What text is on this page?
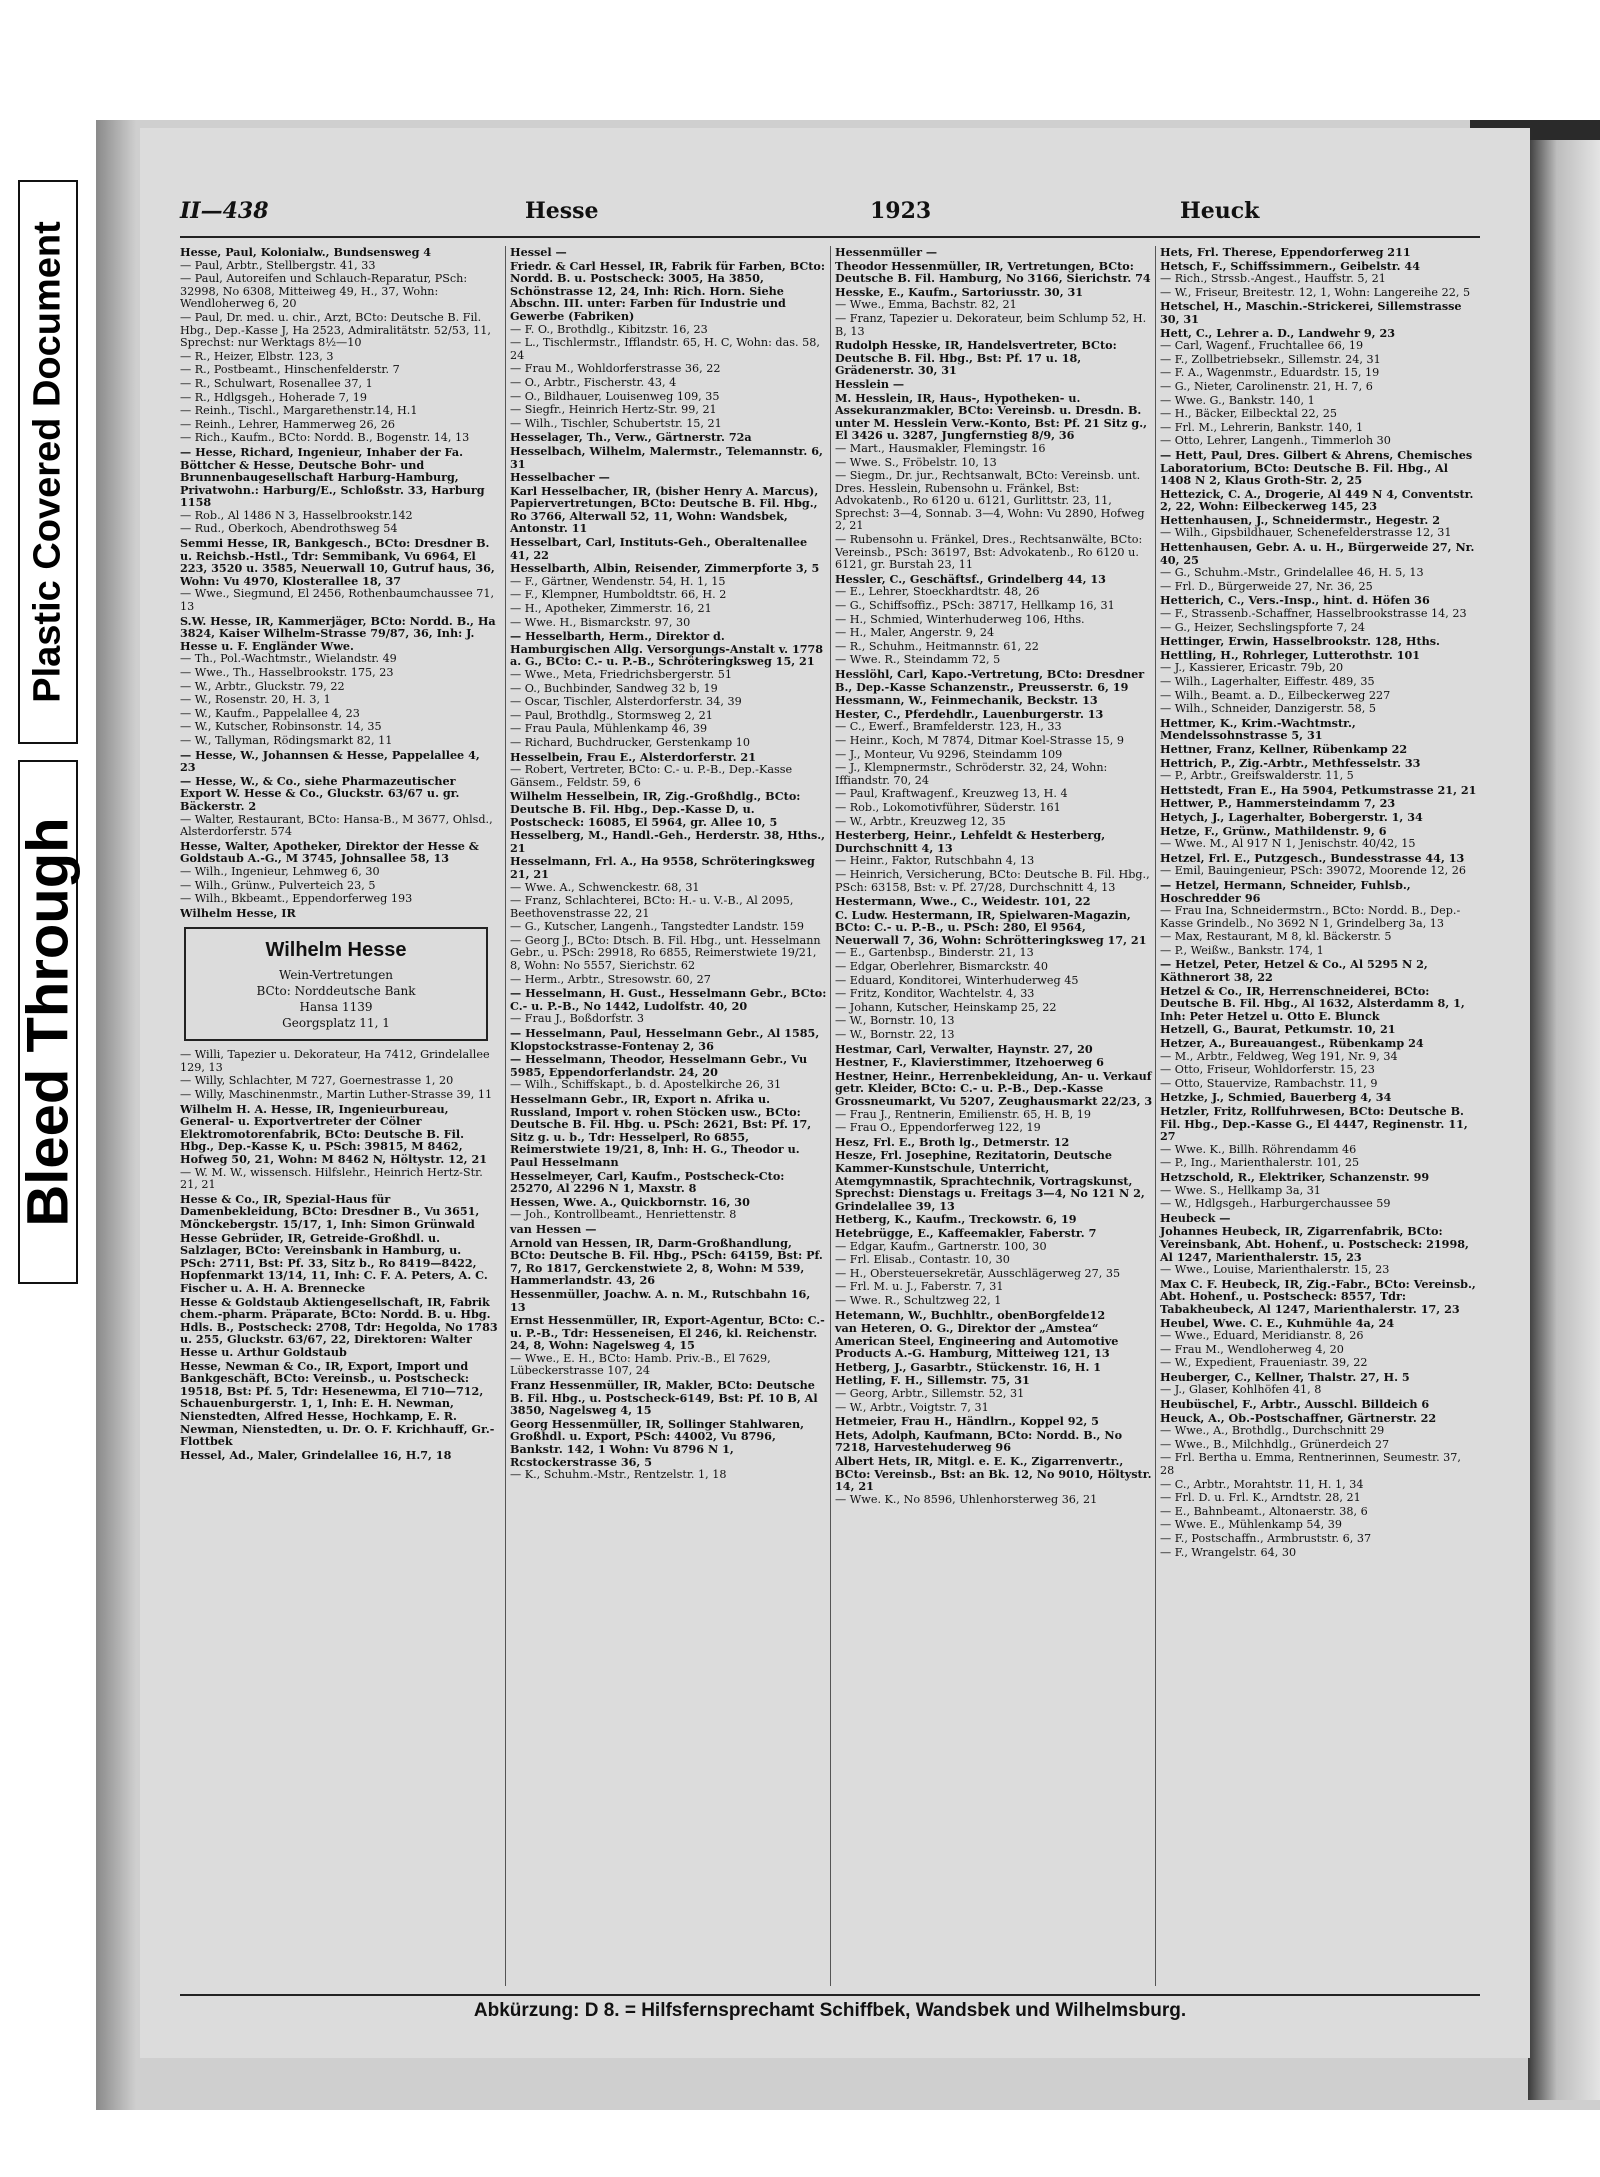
Plastic Covered Document
Bleed Through
II—438	Hesse	1923	Heuck

Hesse, Paul, Kolonialw., Bundsensweg 4

— Paul, Arbtr., Stellbergstr. 41, 33

— Paul, Autoreifen und Schlauch-Reparatur, PSch: 32998, No 6308, Mitteiweg 49, H., 37, Wohn: Wendloherweg 6, 20

— Paul, Dr. med. u. chir., Arzt, BCto: Deutsche B. Fil. Hbg., Dep.-Kasse J, Ha 2523, Admiralitätstr. 52/53, 11, Sprechst: nur Werktags 8½—10

— R., Heizer, Elbstr. 123, 3

— R., Postbeamt., Hinschenfelderstr. 7

— R., Schulwart, Rosenallee 37, 1

— R., Hdlgsgeh., Hoheradе 7, 19

— Reinh., Tischl., Margarethenstr.14, H.1

— Reinh., Lehrer, Hammerweg 26, 26

— Rich., Kaufm., BCto: Nordd. B., Bogenstr. 14, 13

— Hesse, Richard, Ingenieur, Inhaber der Fa. Böttcher & Hesse, Deutsche Bohr- und Brunnenbaugesellschaft Harburg-Hamburg, Privatwohn.: Harburg/E., Schloßstr. 33, Harburg 1158

— Rob., Al 1486 N 3, Hasselbrookstr.142

— Rud., Oberkoch, Abendrothsweg 54

Semmi Hesse, IR, Bankgesch., BCto: Dresdner B. u. Reichsb.-Hstl., Tdr: Semmibank, Vu 6964, El 223, 3520 u. 3585, Neuerwall 10, Gutruf haus, 36, Wohn: Vu 4970, Klosterallee 18, 37

— Wwe., Siegmund, El 2456, Rothenbaumchaussee 71, 13

S.W. Hesse, IR, Kammerjäger, BCto: Nordd. B., Ha 3824, Kaiser Wilhelm-Strasse 79/87, 36, Inh: J. Hesse u. F. Engländer Wwe.

— Th., Pol.-Wachtmstr., Wielandstr. 49

— Wwe., Th., Hasselbrookstr. 175, 23

— W., Arbtr., Gluckstr. 79, 22

— W., Rosenstr. 20, H. 3, 1

— W., Kaufm., Pappelallee 4, 23

— W., Kutscher, Robinsonstr. 14, 35

— W., Tallyman, Rödingsmarkt 82, 11

— Hesse, W., Johannsen & Hesse, Pappelallee 4, 23

— Hesse, W., & Co., siehe Pharmazeutischer Export W. Hesse & Co., Gluckstr. 63/67 u. gr. Bäckerstr. 2

— Walter, Restaurant, BCto: Hansa-B., M 3677, Ohlsd., Alsterdorferstr. 574

Hesse, Walter, Apotheker, Direktor der Hesse & Goldstaub A.-G., M 3745, Johnsallee 58, 13

— Wilh., Ingenieur, Lehmweg 6, 30

— Wilh., Grünw., Pulverteich 23, 5

— Wilh., Bkbeamt., Eppendorferweg 193

Wilhelm Hesse, IR

Wilhelm Hesse
Wein-Vertretungen
BCto: Norddeutsche Bank
Hansa 1139
Georgsplatz 11, 1

— Willi, Tapezier u. Dekorateur, Ha 7412, Grindelallee 129, 13

— Willy, Schlachter, M 727, Goernestrasse 1, 20

— Willy, Maschinenmstr., Martin Luther-Strasse 39, 11

Wilhelm H. A. Hesse, IR, Ingenieurbureau, General- u. Exportvertreter der Cölner Elektromotorenfabrik, BCto: Deutsche B. Fil. Hbg., Dep.-Kasse K, u. PSch: 39815, M 8462, Hofweg 50, 21, Wohn: M 8462 N, Höltystr. 12, 21

— W. M. W., wissensch. Hilfslehr., Heinrich Hertz-Str. 21, 21

Hesse & Co., IR, Spezial-Haus für Damenbekleidung, BCto: Dresdner B., Vu 3651, Mönckebergstr. 15/17, 1, Inh: Simon Grünwald

Hesse Gebrüder, IR, Getreide-Großhdl. u. Salzlager, BCto: Vereinsbank in Hamburg, u. PSch: 2711, Bst: Pf. 33, Sitz b., Ro 8419—8422, Hopfenmarkt 13/14, 11, Inh: C. F. A. Peters, A. C. Fischer u. A. H. A. Brennecke

Hesse & Goldstaub Aktiengesellschaft, IR, Fabrik chem.-pharm. Präparate, BCto: Nordd. B. u. Hbg. Hdls. B., Postscheck: 2708, Tdr: Hegolda, No 1783 u. 255, Gluckstr. 63/67, 22, Direktoren: Walter Hesse u. Arthur Goldstaub

Hesse, Newman & Co., IR, Export, Import und Bankgeschäft, BCto: Vereinsb., u. Postscheck: 19518, Bst: Pf. 5, Tdr: Hesenewma, El 710—712, Schauenburgerstr. 1, 1, Inh: E. H. Newman, Nienstedten, Alfred Hesse, Hochkamp, E. R. Newman, Nienstedten, u. Dr. O. F. Krichhauff, Gr.-Flottbek

Hessel, Ad., Maler, Grindelallee 16, H.7, 18

Hessel —

Friedr. & Carl Hessel, IR, Fabrik für Farben, BCto: Nordd. B. u. Postscheck: 3005, Ha 3850, Schönstrasse 12, 24, Inh: Rich. Horn. Siehe Abschn. III. unter: Farben für Industrie und Gewerbe (Fabriken)

— F. O., Brothdlg., Kibitzstr. 16, 23

— L., Tischlermstr., Ifflandstr. 65, H. C, Wohn: das. 58, 24

— Frau M., Wohldorferstrasse 36, 22

— O., Arbtr., Fischerstr. 43, 4

— O., Bildhauer, Louisenweg 109, 35

— Siegfr., Heinrich Hertz-Str. 99, 21

— Wilh., Tischler, Schubertstr. 15, 21

Hesselager, Th., Verw., Gärtnerstr. 72a

Hesselbach, Wilhelm, Malermstr., Telemannstr. 6, 31

Hesselbacher —

Karl Hesselbacher, IR, (bisher Henry A. Marcus), Papiervertretungen, BCto: Deutsche B. Fil. Hbg., Ro 3766, Alterwall 52, 11, Wohn: Wandsbek, Antonstr. 11

Hesselbart, Carl, Instituts-Geh., Oberaltenallee 41, 22

Hesselbarth, Albin, Reisender, Zimmerpforte 3, 5

— F., Gärtner, Wendenstr. 54, H. 1, 15

— F., Klempner, Humboldtstr. 66, H. 2

— H., Apotheker, Zimmerstr. 16, 21

— Wwe. H., Bismarckstr. 97, 30

— Hesselbarth, Herm., Direktor d. Hamburgischen Allg. Versorgungs-Anstalt v. 1778 a. G., BCto: C.- u. P.-B., Schröteringksweg 15, 21

— Wwe., Meta, Friedrichsbergerstr. 51

— O., Buchbinder, Sandweg 32 b, 19

— Oscar, Tischler, Alsterdorferstr. 34, 39

— Paul, Brothdlg., Stormsweg 2, 21

— Frau Paula, Mühlenkamp 46, 39

— Richard, Buchdrucker, Gerstenkamp 10

Hesselbein, Frau E., Alsterdorferstr. 21

— Robert, Vertreter, BCto: C.- u. P.-B., Dep.-Kasse Gänsem., Feldstr. 59, 6

Wilhelm Hesselbein, IR, Zig.-Großhdlg., BCto: Deutsche B. Fil. Hbg., Dep.-Kasse D, u. Postscheck: 16085, El 5964, gr. Allee 10, 5

Hesselberg, M., Handl.-Geh., Herderstr. 38, Hths., 21

Hesselmann, Frl. A., Ha 9558, Schröteringksweg 21, 21

— Wwe. A., Schwenckestr. 68, 31

— Franz, Schlachterei, BCto: H.- u. V.-B., Al 2095, Beethovenstrasse 22, 21

— G., Kutscher, Langenh., Tangstedter Landstr. 159

— Georg J., BCto: Dtsch. B. Fil. Hbg., unt. Hesselmann Gebr., u. PSch: 29918, Ro 6855, Reimerstwiete 19/21, 8, Wohn: No 5557, Sierichstr. 62

— Herm., Arbtr., Stresowstr. 60, 27

— Hesselmann, H. Gust., Hesselmann Gebr., BCto: C.- u. P.-B., No 1442, Ludolfstr. 40, 20

— Frau J., Boßdorfstr. 3

— Hesselmann, Paul, Hesselmann Gebr., Al 1585, Klopstockstrasse-Fontenay 2, 36

— Hesselmann, Theodor, Hesselmann Gebr., Vu 5985, Eppendorferlandstr. 24, 20

— Wilh., Schiffskapt., b. d. Apostelkirche 26, 31

Hesselmann Gebr., IR, Export n. Afrika u. Russland, Import v. rohen Stöcken usw., BCto: Deutsche B. Fil. Hbg. u. PSch: 2621, Bst: Pf. 17, Sitz g. u. b., Tdr: Hesselperl, Ro 6855, Reimerstwiete 19/21, 8, Inh: H. G., Theodor u. Paul Hesselmann

Hesselmeyer, Carl, Kaufm., Postscheck-Cto: 25270, Al 2296 N 1, Maxstr. 8

Hessen, Wwe. A., Quickbornstr. 16, 30

— Joh., Kontrollbeamt., Henriettenstr. 8

van Hessen —

Arnold van Hessen, IR, Darm-Großhandlung, BCto: Deutsche B. Fil. Hbg., PSch: 64159, Bst: Pf. 7, Ro 1817, Gerckenstwiete 2, 8, Wohn: M 539, Hammerlandstr. 43, 26

Hessenmüller, Joachw. A. n. M., Rutschbahn 16, 13

Ernst Hessenmüller, IR, Export-Agentur, BCto: C.- u. P.-B., Tdr: Hesseneisen, El 246, kl. Reichenstr. 24, 8, Wohn: Nagelsweg 4, 15

— Wwe., E. H., BCto: Hamb. Priv.-B., El 7629, Lübeckerstrasse 107, 24

Franz Hessenmüller, IR, Makler, BCto: Deutsche B. Fil. Hbg., u. Postscheck-6149, Bst: Pf. 10 B, Al 3850, Nagelsweg 4, 15

Georg Hessenmüller, IR, Sollinger Stahlwaren, Großhdl. u. Export, PSch: 44002, Vu 8796, Bankstr. 142, 1 Wohn: Vu 8796 N 1, Rcstockerstrasse 36, 5

— K., Schuhm.-Mstr., Rentzelstr. 1, 18

Hessenmüller —

Theodor Hessenmüller, IR, Vertretungen, BCto: Deutsche B. Fil. Hamburg, No 3166, Sierichstr. 74

Hesske, E., Kaufm., Sartoriusstr. 30, 31

— Wwe., Emma, Bachstr. 82, 21

— Franz, Tapezier u. Dekorateur, beim Schlump 52, H. B, 13

Rudolph Hesske, IR, Handelsvertreter, BCto: Deutsche B. Fil. Hbg., Bst: Pf. 17 u. 18, Grädenerstr. 30, 31

Hesslein —

M. Hesslein, IR, Haus-, Hypotheken- u. Assekuranzmakler, BCto: Vereinsb. u. Dresdn. B. unter M. Hesslein Verw.-Konto, Bst: Pf. 21 Sitz g., El 3426 u. 3287, Jungfernstieg 8/9, 36

— Mart., Hausmakler, Flemingstr. 16

— Wwe. S., Fröbelstr. 10, 13

— Siegm., Dr. jur., Rechtsanwalt, BCto: Vereinsb. unt. Dres. Hesslein, Rubensohn u. Fränkel, Bst: Advokatenb., Ro 6120 u. 6121, Gurlittstr. 23, 11, Sprechst: 3—4, Sonnab. 3—4, Wohn: Vu 2890, Hofweg 2, 21

— Rubensohn u. Fränkel, Dres., Rechtsanwälte, BCto: Vereinsb., PSch: 36197, Bst: Advokatenb., Ro 6120 u. 6121, gr. Burstah 23, 11

Hessler, C., Geschäftsf., Grindelberg 44, 13

— E., Lehrer, Stoeckhardtstr. 48, 26

— G., Schiffsoffiz., PSch: 38717, Hellkamp 16, 31

— H., Schmied, Winterhuderweg 106, Hths.

— H., Maler, Angerstr. 9, 24

— R., Schuhm., Heitmannstr. 61, 22

— Wwe. R., Steindamm 72, 5

Hesslöhl, Carl, Kapo.-Vertretung, BCto: Dresdner B., Dep.-Kasse Schanzenstr., Preusserstr. 6, 19

Hessmann, W., Feinmechanik, Beckstr. 13

Hester, C., Pferdehdlr., Lauenburgerstr. 13

— C., Ewerf., Bramfelderstr. 123, H., 33

— Heinr., Koch, M 7874, Ditmar Koel-Strasse 15, 9

— J., Monteur, Vu 9296, Steindamm 109

— J., Klempnermstr., Schröderstr. 32, 24, Wohn: Iffiandstr. 70, 24

— Paul, Kraftwagenf., Kreuzweg 13, H. 4

— Rob., Lokomotivführer, Süderstr. 161

— W., Arbtr., Kreuzweg 12, 35

Hesterberg, Heinr., Lehfeldt & Hesterberg, Durchschnitt 4, 13

— Heinr., Faktor, Rutschbahn 4, 13

— Heinrich, Versicherung, BCto: Deutsche B. Fil. Hbg., PSch: 63158, Bst: v. Pf. 27/28, Durchschnitt 4, 13

Hestermann, Wwe., C., Weidestr. 101, 22

C. Ludw. Hestermann, IR, Spielwaren-Magazin, BCto: C.- u. P.-B., u. PSch: 280, El 9564, Neuerwall 7, 36, Wohn: Schrötteringksweg 17, 21

— E., Gartenbsp., Binderstr. 21, 13

— Edgar, Oberlehrer, Bismarckstr. 40

— Eduard, Konditorei, Winterhuderweg 45

— Fritz, Konditor, Wachtelstr. 4, 33

— Johann, Kutscher, Heinskamp 25, 22

— W., Bornstr. 10, 13

— W., Bornstr. 22, 13

Hestmar, Carl, Verwalter, Haynstr. 27, 20

Hestner, F., Klavierstimmer, Itzehoerweg 6

Hestner, Heinr., Herrenbekleidung, An- u. Verkauf getr. Kleider, BCto: C.- u. P.-B., Dep.-Kasse Grossneumarkt, Vu 5207, Zeughausmarkt 22/23, 3

— Frau J., Rentnerin, Emilienstr. 65, H. B, 19

— Frau O., Eppendorferweg 122, 19

Hesz, Frl. E., Broth lg., Detmerstr. 12

Hesze, Frl. Josephine, Rezitatorin, Deutsche Kammer-Kunstschule, Unterricht, Atemgymnastik, Sprachtechnik, Vortragskunst, Sprechst: Dienstags u. Freitags 3—4, No 121 N 2, Grindelallee 39, 13

Hetberg, K., Kaufm., Treckowstr. 6, 19

Hetebrügge, E., Kaffeemakler, Faberstr. 7

— Edgar, Kaufm., Gartnerstr. 100, 30

— Frl. Elisab., Contastr. 10, 30

— H., Obersteuersekretär, Ausschlägerweg 27, 35

— Frl. M. u. J., Faberstr. 7, 31

— Wwe. R., Schultzweg 22, 1

Hetemann, W., Buchhltr., obenBorgfelde12

van Heteren, O. G., Direktor der „Amstea“ American Steel, Engineering and Automotive Products A.-G. Hamburg, Mitteiweg 121, 13

Hetberg, J., Gasarbtr., Stückenstr. 16, H. 1

Hetling, F. H., Sillemstr. 75, 31

— Georg, Arbtr., Sillemstr. 52, 31

— W., Arbtr., Voigtstr. 7, 31

Hetmeier, Frau H., Händlrn., Koppel 92, 5

Hets, Adolph, Kaufmann, BCto: Nordd. B., No 7218, Harvestehuderweg 96

Albert Hets, IR, Mitgl. e. E. K., Zigarrenvertr., BCto: Vereinsb., Bst: an Bk. 12, No 9010, Höltystr. 14, 21

— Wwe. K., No 8596, Uhlenhorsterweg 36, 21

Hets, Frl. Therese, Eppendorferweg 211

Hetsch, F., Schiffssimmern., Geibelstr. 44

— Rich., Strssb.-Angest., Hauffstr. 5, 21

— W., Friseur, Breitestr. 12, 1, Wohn: Langereihe 22, 5

Hetschel, H., Maschin.-Strickerei, Sillemstrasse 30, 31

Hett, C., Lehrer a. D., Landwehr 9, 23

— Carl, Wagenf., Fruchtallee 66, 19

— F., Zollbetriebsekr., Sillemstr. 24, 31

— F. A., Wagenmstr., Eduardstr. 15, 19

— G., Nieter, Carolinenstr. 21, H. 7, 6

— Wwe. G., Bankstr. 140, 1

— H., Bäcker, Eilbecktal 22, 25

— Frl. M., Lehrerin, Bankstr. 140, 1

— Otto, Lehrer, Langenh., Timmerloh 30

— Hett, Paul, Dres. Gilbert & Ahrens, Chemisches Laboratorium, BCto: Deutsche B. Fil. Hbg., Al 1408 N 2, Klaus Groth-Str. 2, 25

Hettezick, C. A., Drogerie, Al 449 N 4, Conventstr. 2, 22, Wohn: Eilbeckerweg 145, 23

Hettenhausen, J., Schneidermstr., Hegestr. 2

— Wilh., Gipsbildhauer, Schenefelderstrasse 12, 31

Hettenhausen, Gebr. A. u. H., Bürgerweide 27, Nr. 40, 25

— G., Schuhm.-Mstr., Grindelallee 46, H. 5, 13

— Frl. D., Bürgerweide 27, Nr. 36, 25

Hetterich, C., Vers.-Insp., hint. d. Höfen 36

— F., Strassenb.-Schaffner, Hasselbrookstrasse 14, 23

— G., Heizer, Sechslingspforte 7, 24

Hettinger, Erwin, Hasselbrookstr. 128, Hths.

Hettling, H., Rohrleger, Lutterothstr. 101

— J., Kassierer, Ericastr. 79b, 20

— Wilh., Lagerhalter, Eiffestr. 489, 35

— Wilh., Beamt. a. D., Eilbeckerweg 227

— Wilh., Schneider, Danzigerstr. 58, 5

Hettmer, K., Krim.-Wachtmstr., Mendelssohnstrasse 5, 31

Hettner, Franz, Kellner, Rübenkamp 22

Hettrich, P., Zig.-Arbtr., Methfesselstr. 33

— P., Arbtr., Greifswalderstr. 11, 5

Hettstedt, Fran E., Ha 5904, Petkumstrasse 21, 21

Hettwer, P., Hammersteindamm 7, 23

Hetych, J., Lagerhalter, Bobergerstr. 1, 34

Hetze, F., Grünw., Mathildenstr. 9, 6

— Wwe. M., Al 917 N 1, Jenischstr. 40/42, 15

Hetzel, Frl. E., Putzgesch., Bundesstrasse 44, 13

— Emil, Bauingenieur, PSch: 39072, Moorende 12, 26

— Hetzel, Hermann, Schneider, Fuhlsb., Hoschredder 96

— Frau Ina, Schneidermstrn., BCto: Nordd. B., Dep.-Kasse Grindelb., No 3692 N 1, Grindelberg 3a, 13

— Max, Restaurant, M 8, kl. Bäckerstr. 5

— P., Weißw., Bankstr. 174, 1

— Hetzel, Peter, Hetzel & Co., Al 5295 N 2, Käthnerort 38, 22

Hetzel & Co., IR, Herrenschneiderei, BCto: Deutsche B. Fil. Hbg., Al 1632, Alsterdamm 8, 1, Inh: Peter Hetzel u. Otto E. Blunck

Hetzell, G., Baurat, Petkumstr. 10, 21

Hetzer, A., Bureauangest., Rübenkamp 24

— M., Arbtr., Feldweg, Weg 191, Nr. 9, 34

— Otto, Friseur, Wohldorferstr. 15, 23

— Otto, Stauervize, Rambachstr. 11, 9

Hetzke, J., Schmied, Bauerberg 4, 34

Hetzler, Fritz, Rollfuhrwesen, BCto: Deutsche B. Fil. Hbg., Dep.-Kasse G., El 4447, Reginenstr. 11, 27

— Wwe. K., Billh. Röhrendamm 46

— P., Ing., Marienthalerstr. 101, 25

Hetzschold, R., Elektriker, Schanzenstr. 99

— Wwe. S., Hellkamp 3a, 31

— W., Hdlgsgeh., Harburgerchaussee 59

Heubeck —

Johannes Heubeck, IR, Zigarrenfabrik, BCto: Vereinsbank, Abt. Hohenf., u. Postscheck: 21998, Al 1247, Marienthalerstr. 15, 23

— Wwe., Louise, Marienthalerstr. 15, 23

Max C. F. Heubeck, IR, Zig.-Fabr., BCto: Vereinsb., Abt. Hohenf., u. Postscheck: 8557, Tdr: Tabakheubeck, Al 1247, Marienthalerstr. 17, 23

Heubel, Wwe. C. E., Kuhmühle 4a, 24

— Wwe., Eduard, Meridianstr. 8, 26

— Frau M., Wendloherweg 4, 20

— W., Expedient, Fraueniastr. 39, 22

Heuberger, C., Kellner, Thalstr. 27, H. 5

— J., Glaser, Kohlhöfen 41, 8

Heubüschel, F., Arbtr., Ausschl. Billdeich 6

Heuck, A., Ob.-Postschaffner, Gärtnerstr. 22

— Wwe., A., Brothdlg., Durchschnitt 29

— Wwe., B., Milchhdlg., Grünerdeich 27

— Frl. Bertha u. Emma, Rentnerinnen, Seumestr. 37, 28

— C., Arbtr., Morahtstr. 11, H. 1, 34

— Frl. D. u. Frl. K., Arndtstr. 28, 21

— E., Bahnbeamt., Altonaerstr. 38, 6

— Wwe. E., Mühlenkamp 54, 39

— F., Postschaffn., Armbruststr. 6, 37

— F., Wrangelstr. 64, 30

Abkürzung: D 8. = Hilfsfernsprechamt Schiffbek, Wandsbek und Wilhelmsburg.
